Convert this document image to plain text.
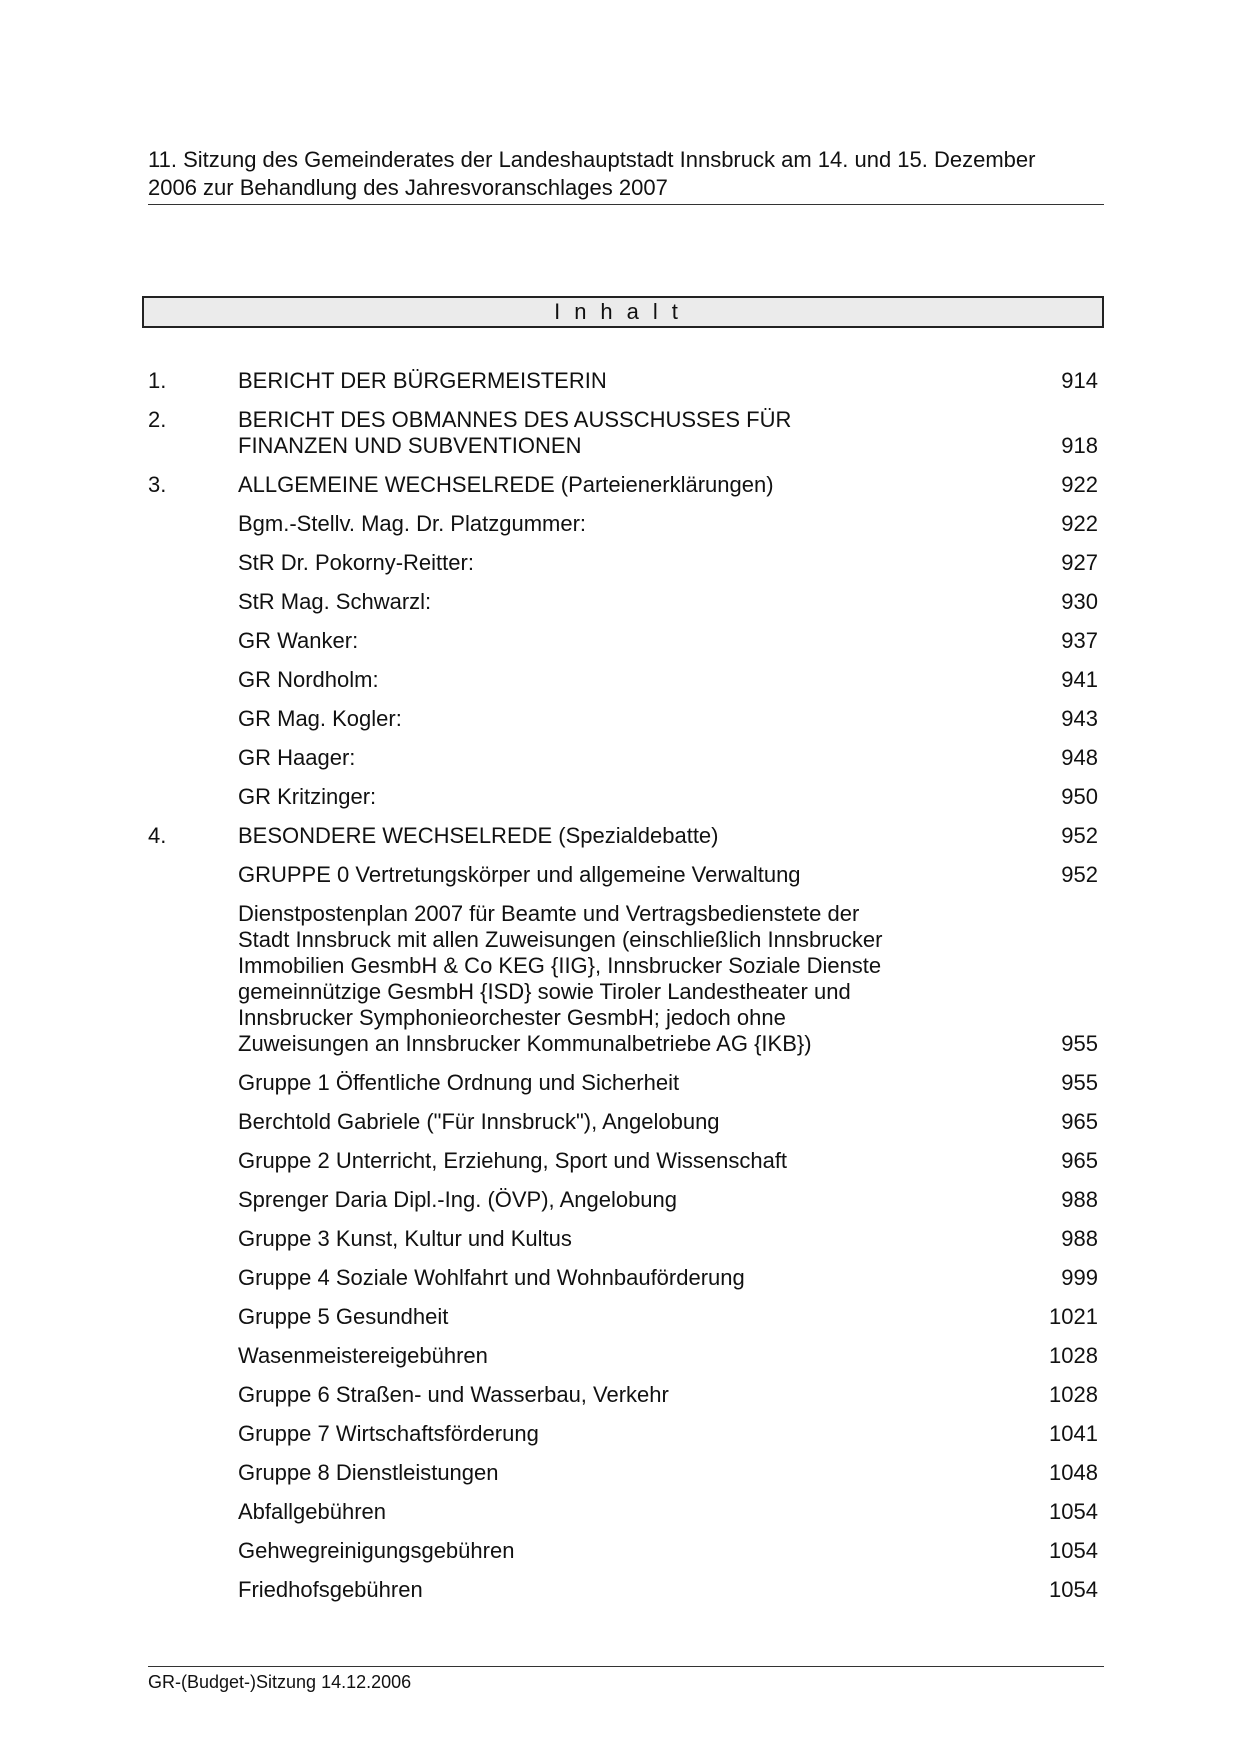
11. Sitzung des Gemeinderates der Landeshauptstadt Innsbruck am 14. und 15. Dezember
2006 zur Behandlung des Jahresvoranschlages 2007
Inhalt
1.	BERICHT DER BÜRGERMEISTERIN	914
2.	BERICHT DES OBMANNES DES AUSSCHUSSES FÜR
FINANZEN UND SUBVENTIONEN	918
3.	ALLGEMEINE WECHSELREDE (Parteienerklärungen)	922
Bgm.-Stellv. Mag. Dr. Platzgummer:	922
StR Dr. Pokorny-Reitter:	927
StR Mag. Schwarzl:	930
GR Wanker:	937
GR Nordholm:	941
GR Mag. Kogler:	943
GR Haager:	948
GR Kritzinger:	950
4.	BESONDERE WECHSELREDE (Spezialdebatte)	952
GRUPPE 0 Vertretungskörper und allgemeine Verwaltung	952
Dienstpostenplan 2007 für Beamte und Vertragsbedienstete der
Stadt Innsbruck mit allen Zuweisungen (einschließlich Innsbrucker
Immobilien GesmbH & Co KEG {IIG}, Innsbrucker Soziale Dienste
gemeinnützige GesmbH {ISD} sowie Tiroler Landestheater und
Innsbrucker Symphonieorchester GesmbH; jedoch ohne
Zuweisungen an Innsbrucker Kommunalbetriebe AG {IKB})	955
Gruppe 1 Öffentliche Ordnung und Sicherheit	955
Berchtold Gabriele ("Für Innsbruck"), Angelobung	965
Gruppe 2 Unterricht, Erziehung, Sport und Wissenschaft	965
Sprenger Daria Dipl.-Ing. (ÖVP), Angelobung	988
Gruppe 3 Kunst, Kultur und Kultus	988
Gruppe 4 Soziale Wohlfahrt und Wohnbauförderung	999
Gruppe 5 Gesundheit	1021
Wasenmeistereigebühren	1028
Gruppe 6 Straßen- und Wasserbau, Verkehr	1028
Gruppe 7 Wirtschaftsförderung	1041
Gruppe 8 Dienstleistungen	1048
Abfallgebühren	1054
Gehwegreinigungsgebühren	1054
Friedhofsgebühren	1054
GR-(Budget-)Sitzung 14.12.2006
